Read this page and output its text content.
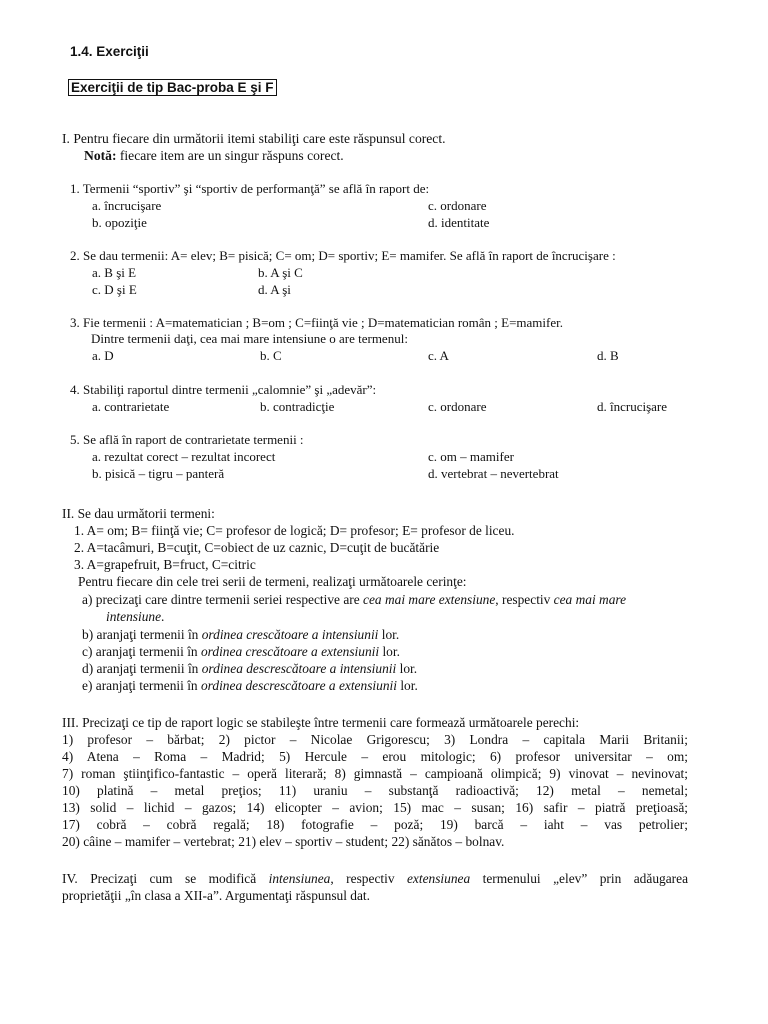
1.4. Exerciţii
Exerciţii de tip Bac-proba E şi F
I. Pentru fiecare din următorii itemi stabiliţi care este răspunsul corect.
Notă: fiecare item are un singur răspuns corect.
1. Termenii “sportiv” şi “sportiv de performanţă” se află în raport de:
a. încrucişare	c. ordonare
b. opoziţie	d. identitate
2. Se dau termenii: A= elev; B= pisică; C= om; D= sportiv; E= mamifer. Se află în raport de încrucişare :
a. B şi E	b. A şi C
c. D şi E	d. A şi
3. Fie termenii : A=matematician ; B=om ; C=fiinţă vie ; D=matematician român ; E=mamifer.
Dintre termenii daţi, cea mai mare intensiune o are termenul:
a. D	b. C	c. A	d. B
4. Stabiliţi raportul dintre termenii „calomnie” şi „adevăr”:
a. contrarietate	b. contradicţie	c. ordonare	d. încrucişare
5. Se află în raport de contrarietate termenii :
a. rezultat corect – rezultat incorect	c. om – mamifer
b. pisică – tigru – panteră	d. vertebrat – nevertebrat
II. Se dau următorii termeni:
1. A= om; B= fiinţă vie; C= profesor de logică; D= profesor; E= profesor de liceu.
2. A=tacâmuri, B=cuţit, C=obiect de uz caznic, D=cuţit de bucătărie
3. A=grapefruit, B=fruct, C=citric
Pentru fiecare din cele trei serii de termeni, realizaţi următoarele cerinţe:
a) precizaţi care dintre termenii seriei respective are cea mai mare extensiune, respectiv cea mai mare
intensiune.
b) aranjaţi termenii în ordinea crescătoare a intensiunii lor.
c) aranjaţi termenii în ordinea crescătoare a extensiunii lor.
d) aranjaţi termenii în ordinea descrescătoare a intensiunii lor.
e) aranjaţi termenii în ordinea descrescătoare a extensiunii lor.
III. Precizaţi ce tip de raport logic se stabileşte între termenii care formează următoarele perechi:
1) profesor – bărbat; 2) pictor – Nicolae Grigorescu; 3) Londra – capitala Marii Britanii;
4) Atena – Roma – Madrid; 5) Hercule – erou mitologic; 6) profesor universitar – om;
7) roman ştiinţifico-fantastic – operă literară; 8) gimnastă – campioană olimpică; 9) vinovat – nevinovat;
10) platină – metal preţios; 11) uraniu – substanţă radioactivă; 12) metal – nemetal;
13) solid – lichid – gazos; 14) elicopter – avion; 15) mac – susan; 16) safir – piatră preţioasă;
17) cobră – cobră regală; 18) fotografie – poză; 19) barcă – iaht – vas petrolier;
20) câine – mamifer – vertebrat; 21) elev – sportiv – student; 22) sănătos – bolnav.
IV. Precizaţi cum se modifică intensiunea, respectiv extensiunea termenului „elev” prin adăugarea
proprietăţii „în clasa a XII-a”. Argumentaţi răspunsul dat.
